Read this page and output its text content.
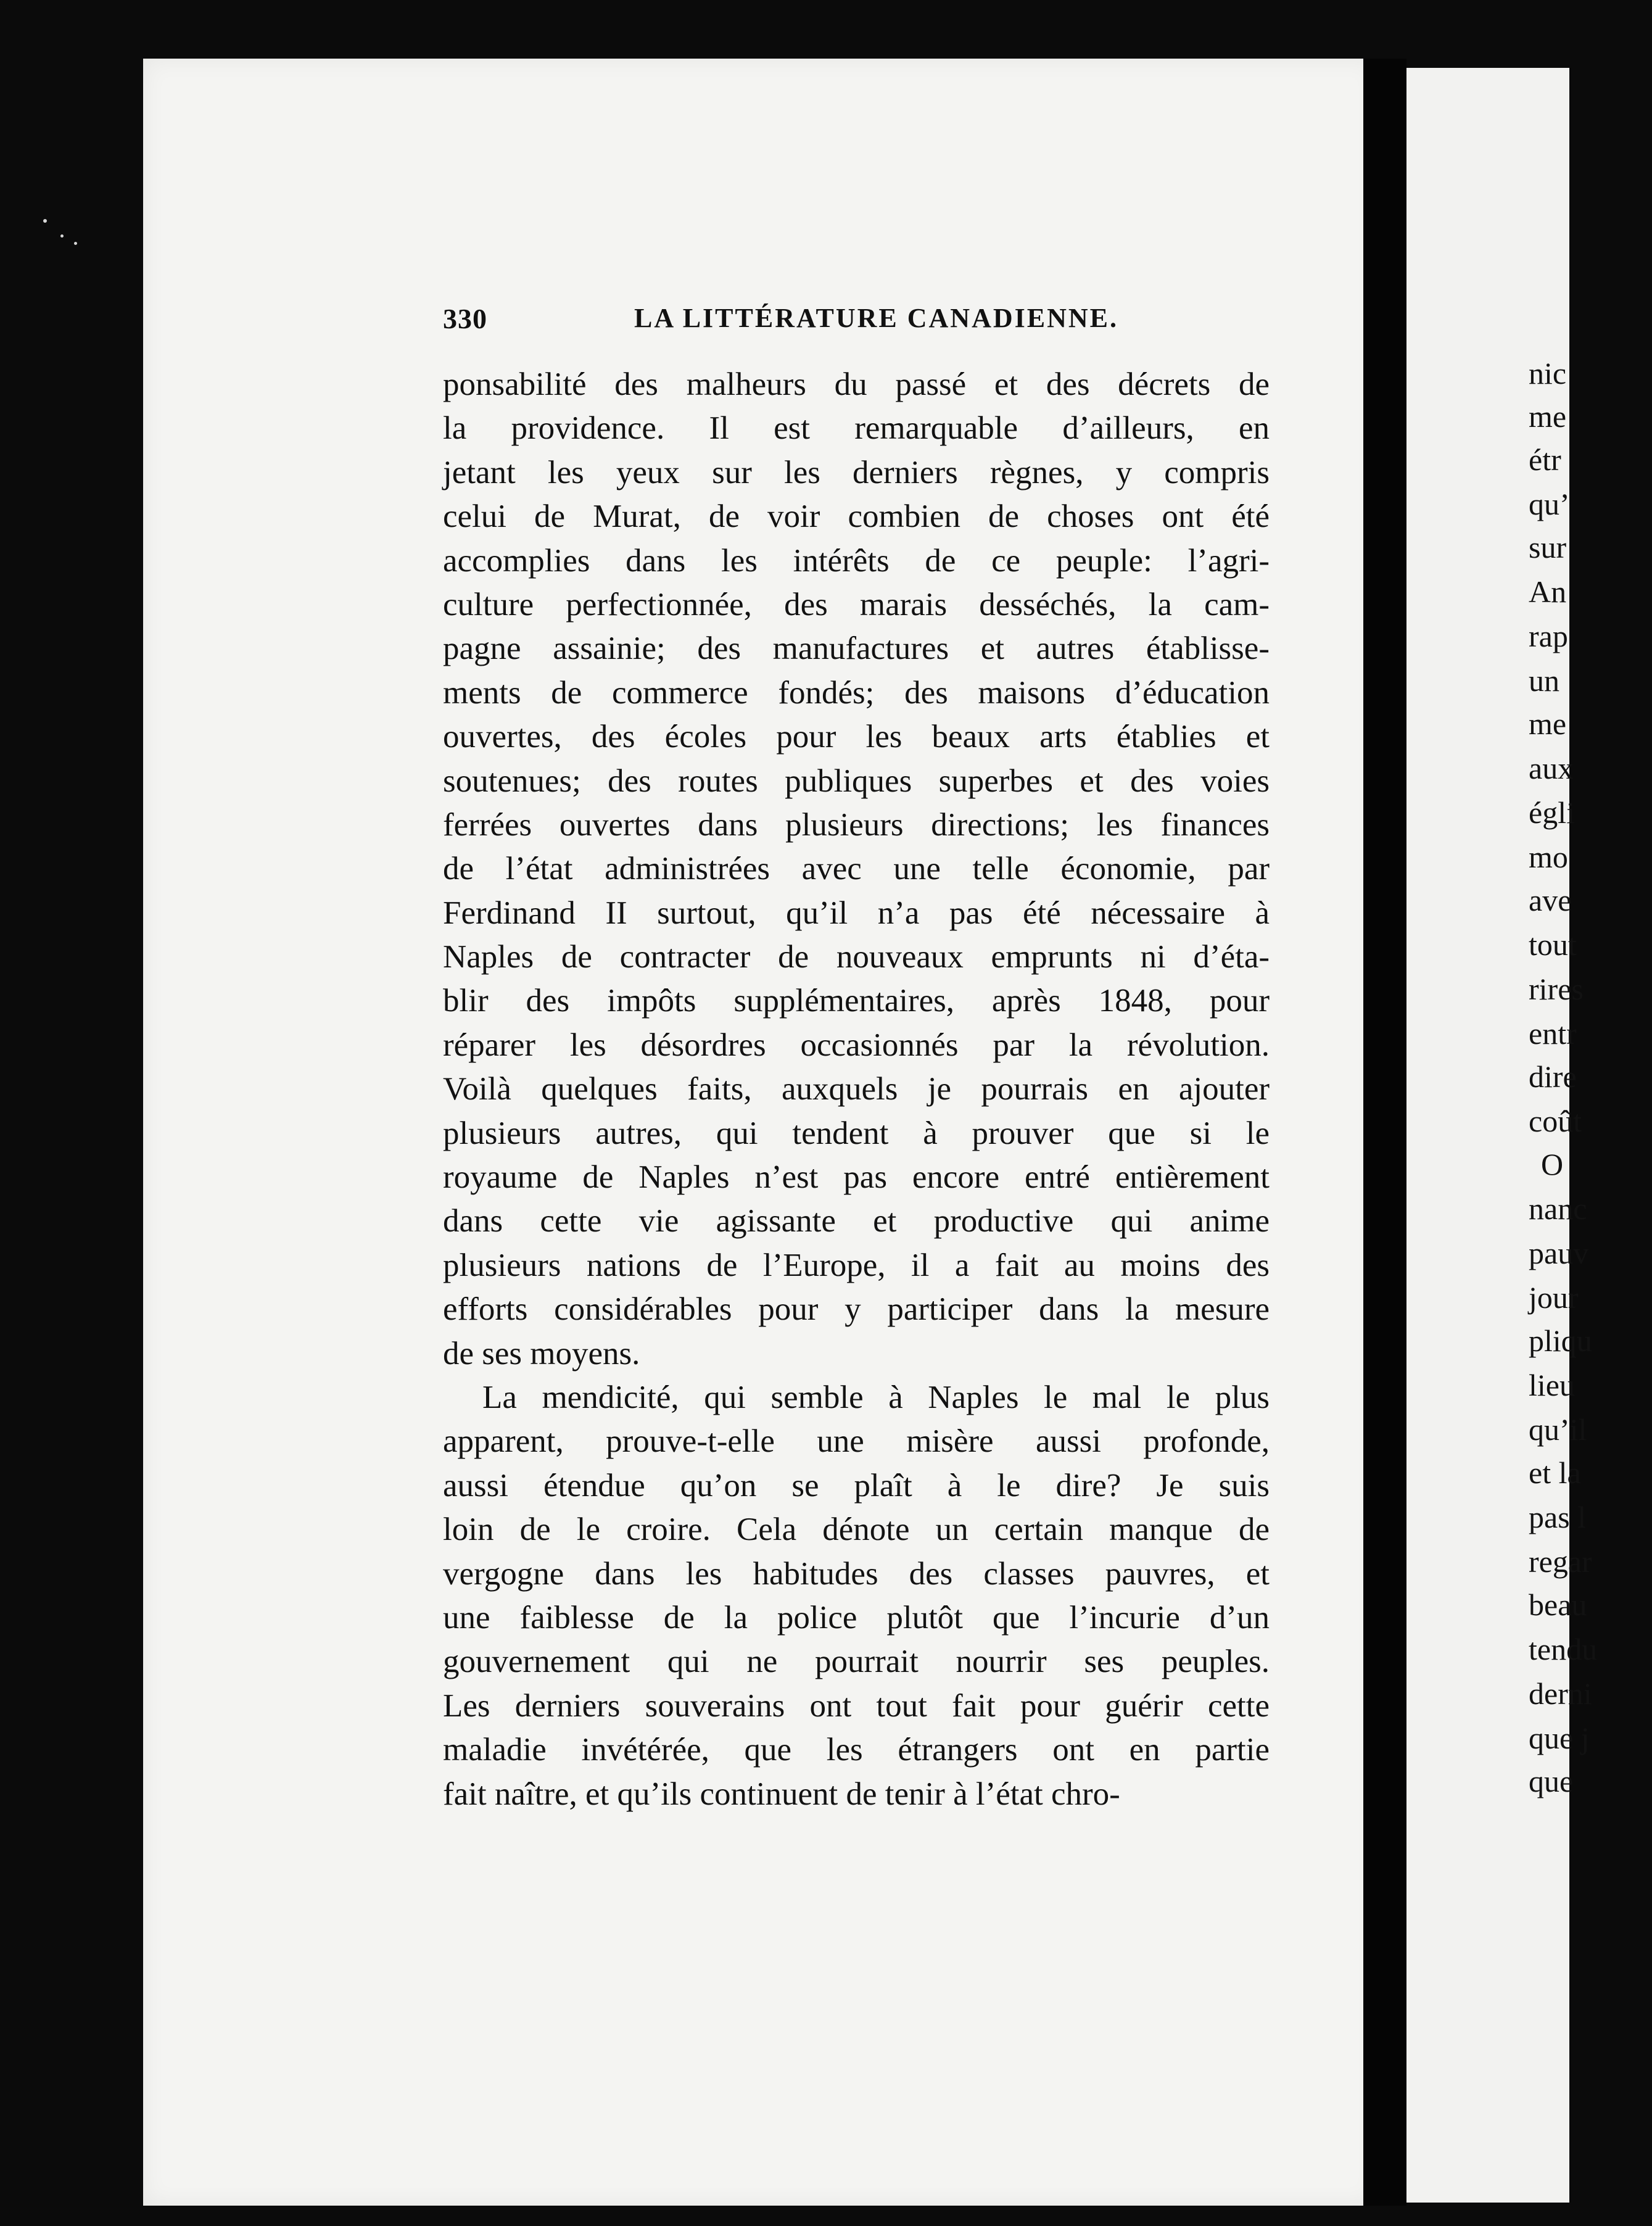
330	LA LITTÉRATURE CANADIENNE.
ponsabilité des malheurs du passé et des décrets de
la providence. Il est remarquable d’ailleurs, en
jetant les yeux sur les derniers règnes, y compris
celui de Murat, de voir combien de choses ont été
accomplies dans les intérêts de ce peuple: l’agri-
culture perfectionnée, des marais desséchés, la cam-
pagne assainie; des manufactures et autres établisse-
ments de commerce fondés; des maisons d’éducation
ouvertes, des écoles pour les beaux arts établies et
soutenues; des routes publiques superbes et des voies
ferrées ouvertes dans plusieurs directions; les finances
de l’état administrées avec une telle économie, par
Ferdinand II surtout, qu’il n’a pas été nécessaire à
Naples de contracter de nouveaux emprunts ni d’éta-
blir des impôts supplémentaires, après 1848, pour
réparer les désordres occasionnés par la révolution.
Voilà quelques faits, auxquels je pourrais en ajouter
plusieurs autres, qui tendent à prouver que si le
royaume de Naples n’est pas encore entré entièrement
dans cette vie agissante et productive qui anime
plusieurs nations de l’Europe, il a fait au moins des
efforts considérables pour y participer dans la mesure
de ses moyens.
La mendicité, qui semble à Naples le mal le plus
apparent, prouve-t-elle une misère aussi profonde,
aussi étendue qu’on se plaît à le dire? Je suis
loin de le croire. Cela dénote un certain manque de
vergogne dans les habitudes des classes pauvres, et
une faiblesse de la police plutôt que l’incurie d’un
gouvernement qui ne pourrait nourrir ses peuples.
Les derniers souverains ont tout fait pour guérir cette
maladie invétérée, que les étrangers ont en partie
fait naître, et qu’ils continuent de tenir à l’état chro-
nic
me
étr
qu’
sur
An
rap
un
me
aux
égli
mo
ave
tout
rires
entr
dire
coût
O
nanc
pauv
jour
pliqu
lieu
qu’il
et la
pas l
regar
beau
tendu
derni
que j
que
